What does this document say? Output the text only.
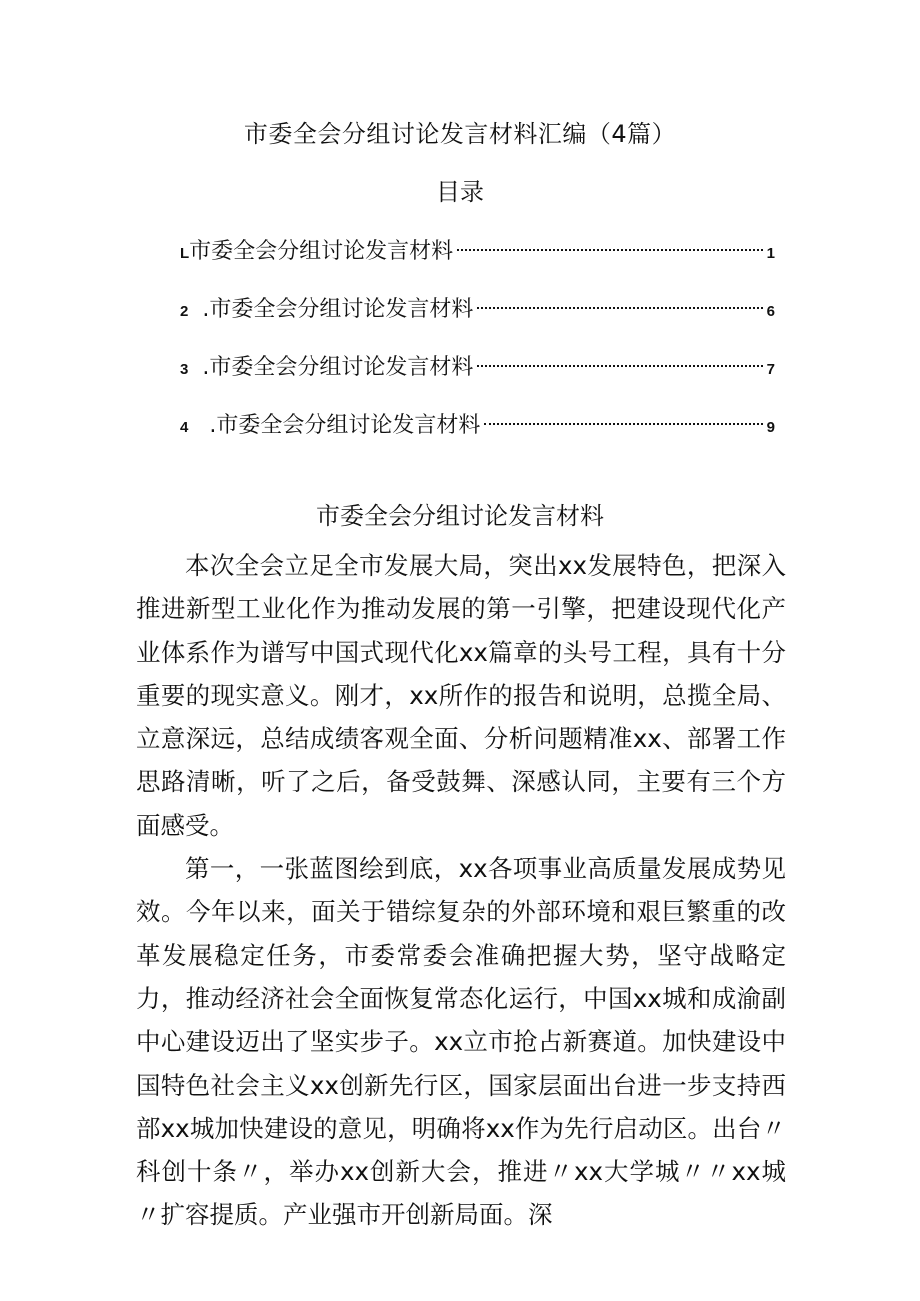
市委全会分组讨论发言材料汇编（4篇）
目录
L 市委全会分组讨论发言材料	1
2 . 市委全会分组讨论发言材料	6
3 . 市委全会分组讨论发言材料	7
4 . 市委全会分组讨论发言材料	9
市委全会分组讨论发言材料

本次全会立足全市发展大局，突出xx发展特色，把深入推进新型工业化作为推动发展的第一引擎，把建设现代化产业体系作为谱写中国式现代化xx篇章的头号工程，具有十分重要的现实意义。刚才，xx所作的报告和说明，总揽全局、立意深远，总结成绩客观全面、分析问题精准xx、部署工作思路清晰，听了之后，备受鼓舞、深感认同，主要有三个方面感受。

第一，一张蓝图绘到底，xx各项事业高质量发展成势见效。今年以来，面关于错综复杂的外部环境和艰巨繁重的改革发展稳定任务，市委常委会准确把握大势，坚守战略定力，推动经济社会全面恢复常态化运行，中国xx城和成渝副中心建设迈出了坚实步子。xx立市抢占新赛道。加快建设中国特色社会主义xx创新先行区，国家层面出台进一步支持西部xx城加快建设的意见，明确将xx作为先行启动区。出台〃科创十条〃，举办xx创新大会，推进〃xx大学城〃〃xx城〃扩容提质。产业强市开创新局面。深
